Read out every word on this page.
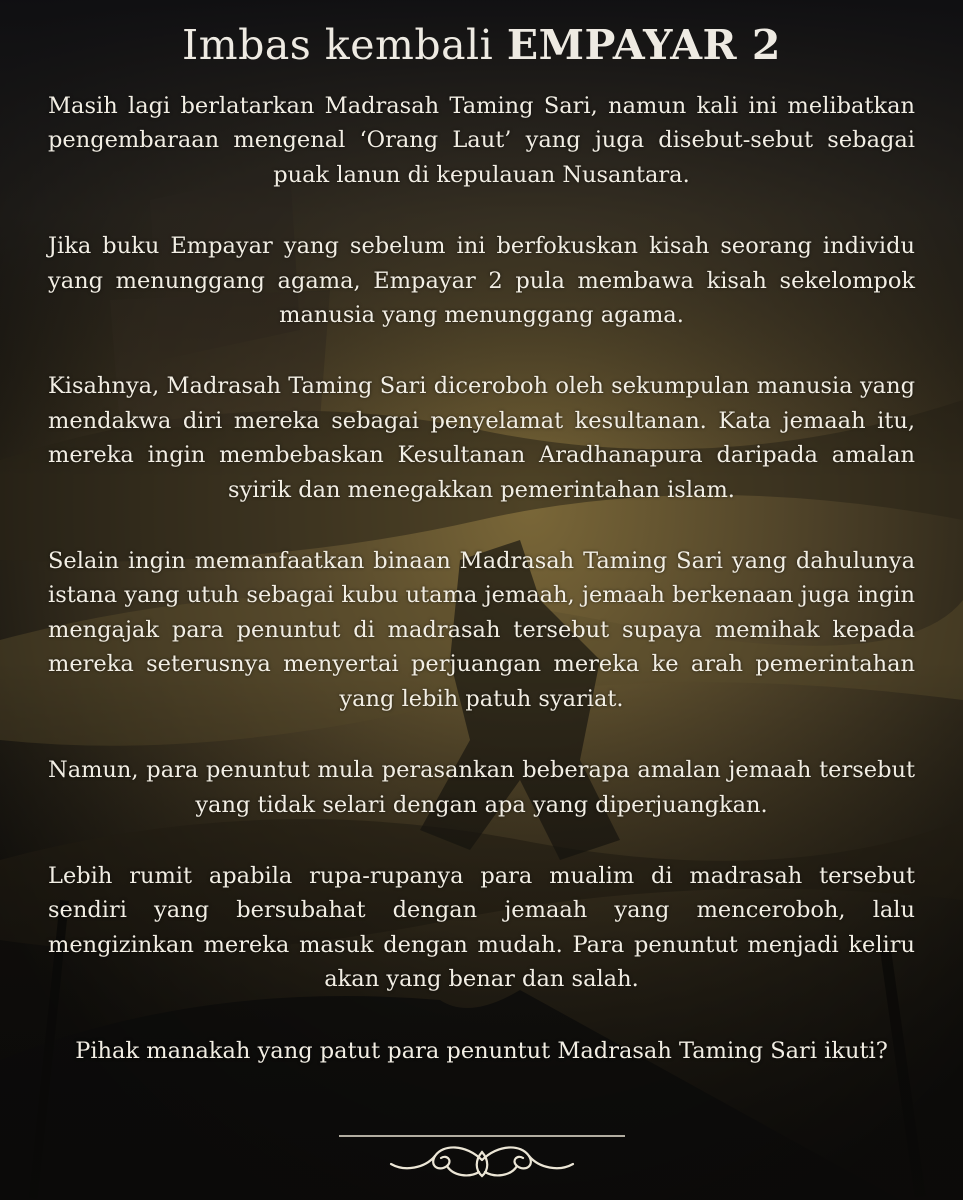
Imbas kembali EMPAYAR 2

Masih lagi berlatarkan Madrasah Taming Sari, namun kali ini melibatkan pengembaraan mengenal ‘Orang Laut’ yang juga disebut-sebut sebagai puak lanun di kepulauan Nusantara.

Jika buku Empayar yang sebelum ini berfokuskan kisah seorang individu yang menunggang agama, Empayar 2 pula membawa kisah sekelompok manusia yang menunggang agama.

Kisahnya, Madrasah Taming Sari diceroboh oleh sekumpulan manusia yang mendakwa diri mereka sebagai penyelamat kesultanan. Kata jemaah itu, mereka ingin membebaskan Kesultanan Aradhanapura daripada amalan syirik dan menegakkan pemerintahan islam.

Selain ingin memanfaatkan binaan Madrasah Taming Sari yang dahulunya istana yang utuh sebagai kubu utama jemaah, jemaah berkenaan juga ingin mengajak para penuntut di madrasah tersebut supaya memihak kepada mereka seterusnya menyertai perjuangan mereka ke arah pemerintahan yang lebih patuh syariat.

Namun, para penuntut mula perasankan beberapa amalan jemaah tersebut yang tidak selari dengan apa yang diperjuangkan.

Lebih rumit apabila rupa-rupanya para mualim di madrasah tersebut sendiri yang bersubahat dengan jemaah yang menceroboh, lalu mengizinkan mereka masuk dengan mudah. Para penuntut menjadi keliru akan yang benar dan salah.

Pihak manakah yang patut para penuntut Madrasah Taming Sari ikuti?
